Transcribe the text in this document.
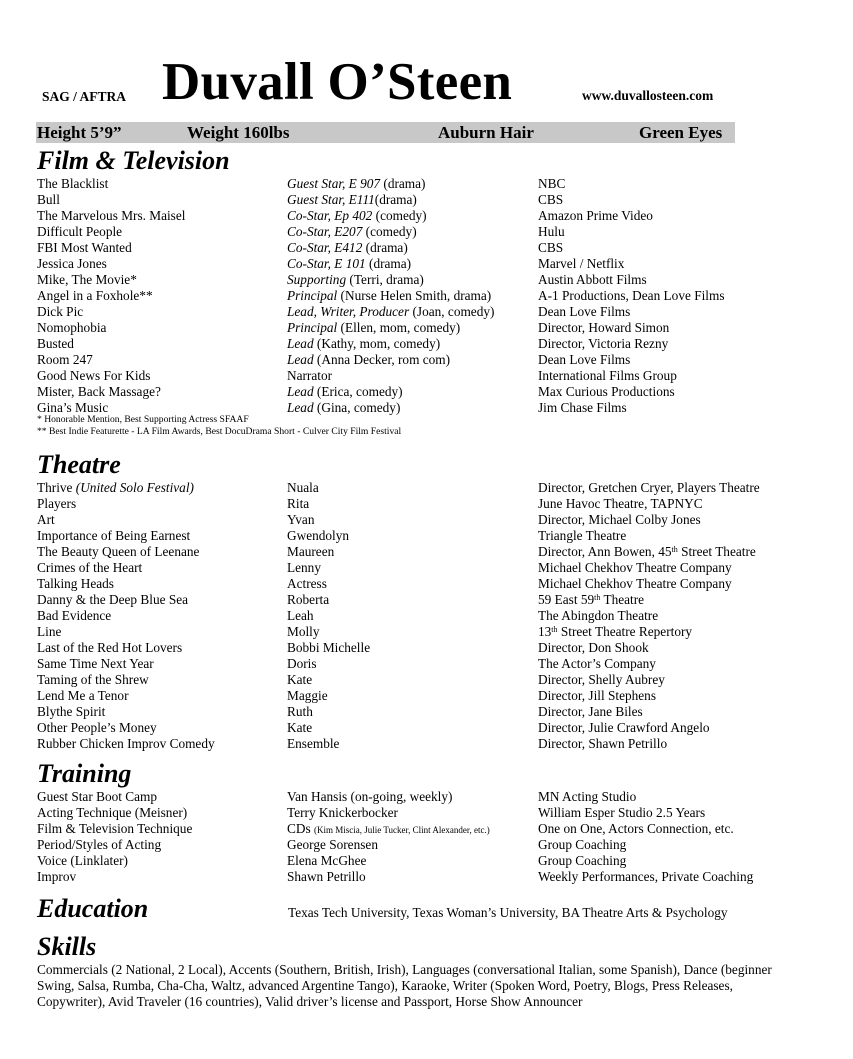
SAG / AFTRA Duvall O’Steen	www.duvallosteen.com
Height 5’9”	Weight 160lbs	Auburn Hair	Green Eyes
Film & Television
The Blacklist	Guest Star, E 907 (drama)	NBC
Bull	Guest Star, E111(drama)	CBS
The Marvelous Mrs. Maisel	Co-Star, Ep 402 (comedy)	Amazon Prime Video
Difficult People	Co-Star, E207 (comedy)	Hulu
FBI Most Wanted	Co-Star, E412 (drama)	CBS
Jessica Jones	Co-Star, E 101 (drama)	Marvel / Netflix
Mike, The Movie*	Supporting (Terri, drama)	Austin Abbott Films
Angel in a Foxhole**	Principal (Nurse Helen Smith, drama)	A-1 Productions, Dean Love Films
Dick Pic	Lead, Writer, Producer (Joan, comedy)	Dean Love Films
Nomophobia	Principal (Ellen, mom, comedy)	Director, Howard Simon
Busted	Lead (Kathy, mom, comedy)	Director, Victoria Rezny
Room 247	Lead (Anna Decker, rom com)	Dean Love Films
Good News For Kids	Narrator	International Films Group
Mister, Back Massage?	Lead (Erica, comedy)	Max Curious Productions
Gina’s Music	Lead (Gina, comedy)	Jim Chase Films
* Honorable Mention, Best Supporting Actress SFAAF
** Best Indie Featurette - LA Film Awards, Best DocuDrama Short - Culver City Film Festival
Theatre
Thrive (United Solo Festival)	Nuala	Director, Gretchen Cryer, Players Theatre
Players	Rita	June Havoc Theatre, TAPNYC
Art	Yvan	Director, Michael Colby Jones
Importance of Being Earnest	Gwendolyn	Triangle Theatre
The Beauty Queen of Leenane	Maureen	Director, Ann Bowen, 45th Street Theatre
Crimes of the Heart	Lenny	Michael Chekhov Theatre Company
Talking Heads	Actress	Michael Chekhov Theatre Company
Danny & the Deep Blue Sea	Roberta	59 East 59th Theatre
Bad Evidence	Leah	The Abingdon Theatre
Line	Molly	13th Street Theatre Repertory
Last of the Red Hot Lovers	Bobbi Michelle	Director, Don Shook
Same Time Next Year	Doris	The Actor’s Company
Taming of the Shrew	Kate	Director, Shelly Aubrey
Lend Me a Tenor	Maggie	Director, Jill Stephens
Blythe Spirit	Ruth	Director, Jane Biles
Other People’s Money	Kate	Director, Julie Crawford Angelo
Rubber Chicken Improv Comedy	Ensemble	Director, Shawn Petrillo
Training
Guest Star Boot Camp	Van Hansis (on-going, weekly)	MN Acting Studio
Acting Technique (Meisner)	Terry Knickerbocker	William Esper Studio 2.5 Years
Film & Television Technique	CDs (Kim Miscia, Julie Tucker, Clint Alexander, etc.)	One on One, Actors Connection, etc.
Period/Styles of Acting	George Sorensen	Group Coaching
Voice (Linklater)	Elena McGhee	Group Coaching
Improv	Shawn Petrillo	Weekly Performances, Private Coaching
Education	Texas Tech University, Texas Woman’s University, BA Theatre Arts & Psychology
Skills
Commercials (2 National, 2 Local), Accents (Southern, British, Irish), Languages (conversational Italian, some Spanish), Dance (beginner Swing, Salsa, Rumba, Cha-Cha, Waltz, advanced Argentine Tango), Karaoke, Writer (Spoken Word, Poetry, Blogs, Press Releases, Copywriter), Avid Traveler (16 countries), Valid driver’s license and Passport, Horse Show Announcer
